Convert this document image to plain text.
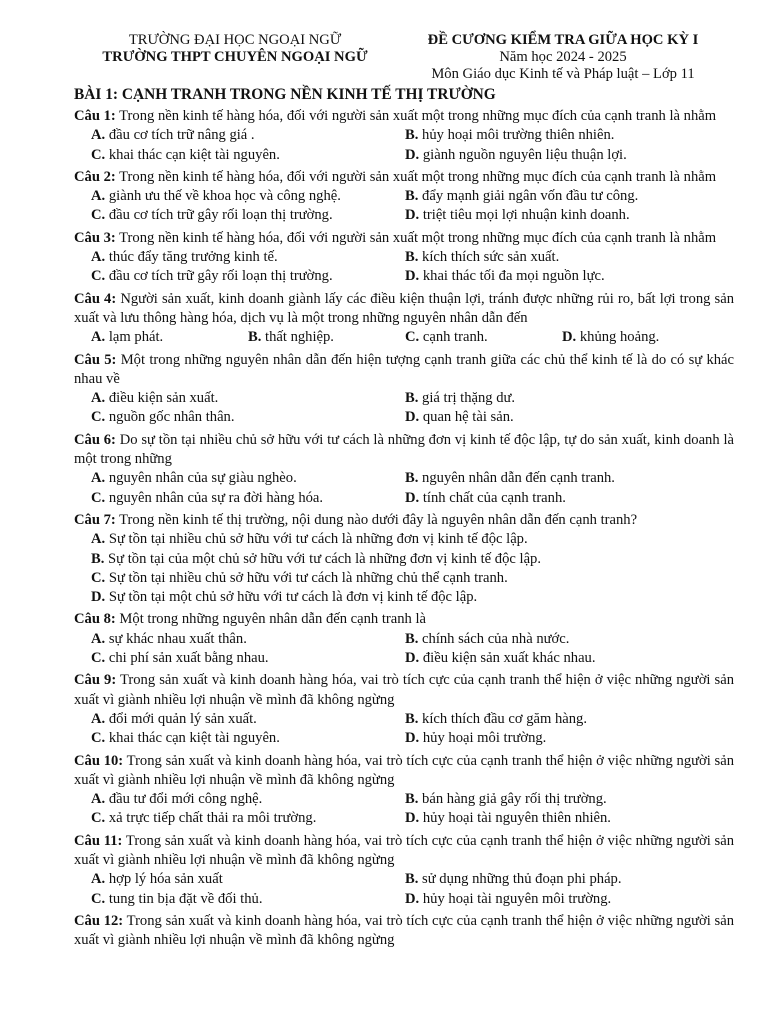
TRƯỜNG ĐẠI HỌC NGOẠI NGỮ
TRƯỜNG THPT CHUYÊN NGOẠI NGỮ
ĐỀ CƯƠNG KIỂM TRA GIỮA HỌC KỲ I
Năm học 2024 - 2025
Môn Giáo dục Kinh tế và Pháp luật – Lớp 11
BÀI 1: CẠNH TRANH TRONG NỀN KINH TẾ THỊ TRƯỜNG

Câu 1: Trong nền kinh tế hàng hóa, đối với người sản xuất một trong những mục đích của cạnh tranh là nhằm

A. đầu cơ tích trữ nâng giá .	B. hủy hoại môi trường thiên nhiên.
C. khai thác cạn kiệt tài nguyên.	D. giành nguồn nguyên liệu thuận lợi.

Câu 2: Trong nền kinh tế hàng hóa, đối với người sản xuất một trong những mục đích của cạnh tranh là nhằm

A. giành ưu thế về khoa học và công nghệ.	B. đẩy mạnh giải ngân vốn đầu tư công.
C. đầu cơ tích trữ gây rối loạn thị trường.	D. triệt tiêu mọi lợi nhuận kinh doanh.

Câu 3: Trong nền kinh tế hàng hóa, đối với người sản xuất một trong những mục đích của cạnh tranh là nhằm

A. thúc đẩy tăng trưởng kinh tế.	B. kích thích sức sản xuất.
C. đầu cơ tích trữ gây rối loạn thị trường.	D. khai thác tối đa mọi nguồn lực.

Câu 4: Người sản xuất, kinh doanh giành lấy các điều kiện thuận lợi, tránh được những rủi ro, bất lợi trong sản xuất và lưu thông hàng hóa, dịch vụ là một trong những nguyên nhân dẫn đến

A. lạm phát.	B. thất nghiệp.	C. cạnh tranh.	D. khủng hoảng.

Câu 5: Một trong những nguyên nhân dẫn đến hiện tượng cạnh tranh giữa các chủ thể kinh tế là do có sự khác nhau về

A. điều kiện sản xuất.	B. giá trị thặng dư.
C. nguồn gốc nhân thân.	D. quan hệ tài sản.

Câu 6: Do sự tồn tại nhiều chủ sở hữu với tư cách là những đơn vị kinh tế độc lập, tự do sản xuất, kinh doanh là một trong những

A. nguyên nhân của sự giàu nghèo.	B. nguyên nhân dẫn đến cạnh tranh.
C. nguyên nhân của sự ra đời hàng hóa.	D. tính chất của cạnh tranh.

Câu 7: Trong nền kinh tế thị trường, nội dung nào dưới đây là nguyên nhân dẫn đến cạnh tranh?

A. Sự tồn tại nhiều chủ sở hữu với tư cách là những đơn vị kinh tế độc lập.
B. Sự tồn tại của một chủ sở hữu với tư cách là những đơn vị kinh tế độc lập.
C. Sự tồn tại nhiều chủ sở hữu với tư cách là những chủ thể cạnh tranh.
D. Sự tồn tại một chủ sở hữu với tư cách là đơn vị kinh tế độc lập.

Câu 8: Một trong những nguyên nhân dẫn đến cạnh tranh là

A. sự khác nhau xuất thân.	B. chính sách của nhà nước.
C. chi phí sản xuất bằng nhau.	D. điều kiện sản xuất khác nhau.

Câu 9: Trong sản xuất và kinh doanh hàng hóa, vai trò tích cực của cạnh tranh thể hiện ở việc những người sản xuất vì giành nhiều lợi nhuận về mình đã không ngừng

A. đổi mới quản lý sản xuất.	B. kích thích đầu cơ găm hàng.
C. khai thác cạn kiệt tài nguyên.	D. hủy hoại môi trường.

Câu 10: Trong sản xuất và kinh doanh hàng hóa, vai trò tích cực của cạnh tranh thể hiện ở việc những người sản xuất vì giành nhiều lợi nhuận về mình đã không ngừng

A. đầu tư đổi mới công nghệ.	B. bán hàng giả gây rối thị trường.
C. xả trực tiếp chất thải ra môi trường.	D. hủy hoại tài nguyên thiên nhiên.

Câu 11: Trong sản xuất và kinh doanh hàng hóa, vai trò tích cực của cạnh tranh thể hiện ở việc những người sản xuất vì giành nhiều lợi nhuận về mình đã không ngừng

A. hợp lý hóa sản xuất	B. sử dụng những thủ đoạn phi pháp.
C. tung tin bịa đặt về đối thủ.	D. hủy hoại tài nguyên môi trường.

Câu 12: Trong sản xuất và kinh doanh hàng hóa, vai trò tích cực của cạnh tranh thể hiện ở việc những người sản xuất vì giành nhiều lợi nhuận về mình đã không ngừng
